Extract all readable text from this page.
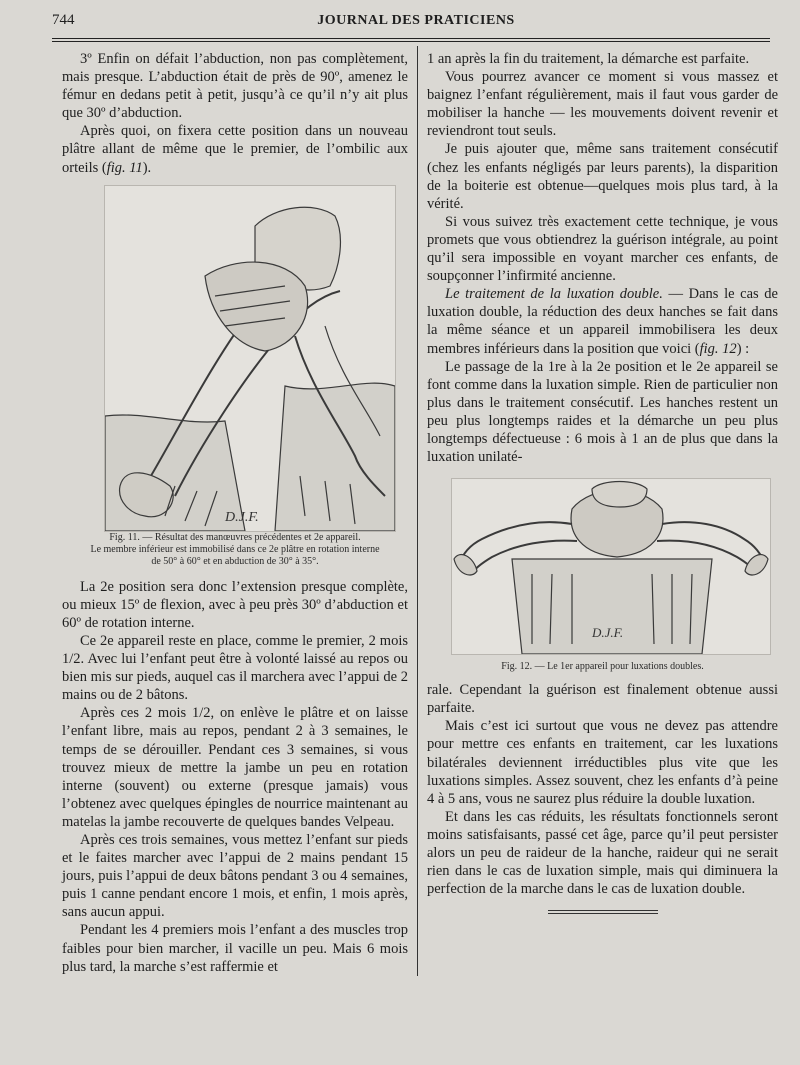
744	JOURNAL DES PRATICIENS

3º Enfin on défait l’abduction, non pas complètement, mais presque. L’abduction était de près de 90º, amenez le fémur en dedans petit à petit, jusqu’à ce qu’il n’y ait plus que 30º d’abduction.

Après quoi, on fixera cette position dans un nouveau plâtre allant de même que le premier, de l’ombilic aux orteils (fig. 11).

D.J.F.
Fig. 11. — Résultat des manœuvres précédentes et 2e appareil.
Le membre inférieur est immobilisé dans ce 2e plâtre en rotation interne
de 50° à 60° et en abduction de 30° à 35°.

La 2e position sera donc l’extension presque complète, ou mieux 15º de flexion, avec à peu près 30º d’abduction et 60º de rotation interne.

Ce 2e appareil reste en place, comme le premier, 2 mois 1/2. Avec lui l’enfant peut être à volonté laissé au repos ou bien mis sur pieds, auquel cas il marchera avec l’appui de 2 mains ou de 2 bâtons.

Après ces 2 mois 1/2, on enlève le plâtre et on laisse l’enfant libre, mais au repos, pendant 2 à 3 semaines, le temps de se dérouiller. Pendant ces 3 semaines, si vous trouvez mieux de mettre la jambe un peu en rotation interne (souvent) ou externe (presque jamais) vous l’obtenez avec quelques épingles de nourrice maintenant au matelas la jambe recouverte de quelques bandes Velpeau.

Après ces trois semaines, vous mettez l’enfant sur pieds et le faites marcher avec l’appui de 2 mains pendant 15 jours, puis l’appui de deux bâtons pendant 3 ou 4 semaines, puis 1 canne pendant encore 1 mois, et enfin, 1 mois après, sans aucun appui.

Pendant les 4 premiers mois l’enfant a des muscles trop faibles pour bien marcher, il vacille un peu. Mais 6 mois plus tard, la marche s’est raffermie et

1 an après la fin du traitement, la démarche est parfaite.

Vous pourrez avancer ce moment si vous massez et baignez l’enfant régulièrement, mais il faut vous garder de mobiliser la hanche — les mouvements doivent revenir et reviendront tout seuls.

Je puis ajouter que, même sans traitement consécutif (chez les enfants négligés par leurs parents), la disparition de la boiterie est obtenue—quelques mois plus tard, à la vérité.

Si vous suivez très exactement cette technique, je vous promets que vous obtiendrez la guérison intégrale, au point qu’il sera impossible en voyant marcher ces enfants, de soupçonner l’infirmité ancienne.

Le traitement de la luxation double. — Dans le cas de luxation double, la réduction des deux hanches se fait dans la même séance et un appareil immobilisera les deux membres inférieurs dans la position que voici (fig. 12) :

Le passage de la 1re à la 2e position et le 2e appareil se font comme dans la luxation simple. Rien de particulier non plus dans le traitement consécutif. Les hanches restent un peu plus longtemps raides et la démarche un peu plus longtemps défectueuse : 6 mois à 1 an de plus que dans la luxation unilaté-

D.J.F.
Fig. 12. — Le 1er appareil pour luxations doubles.

rale. Cependant la guérison est finalement obtenue aussi parfaite.

Mais c’est ici surtout que vous ne devez pas attendre pour mettre ces enfants en traitement, car les luxations bilatérales deviennent irréductibles plus vite que les luxations simples. Assez souvent, chez les enfants d’à peine 4 à 5 ans, vous ne saurez plus réduire la double luxation.

Et dans les cas réduits, les résultats fonctionnels seront moins satisfaisants, passé cet âge, parce qu’il peut persister alors un peu de raideur de la hanche, raideur qui ne serait rien dans le cas de luxation simple, mais qui diminuera la perfection de la marche dans le cas de luxation double.
